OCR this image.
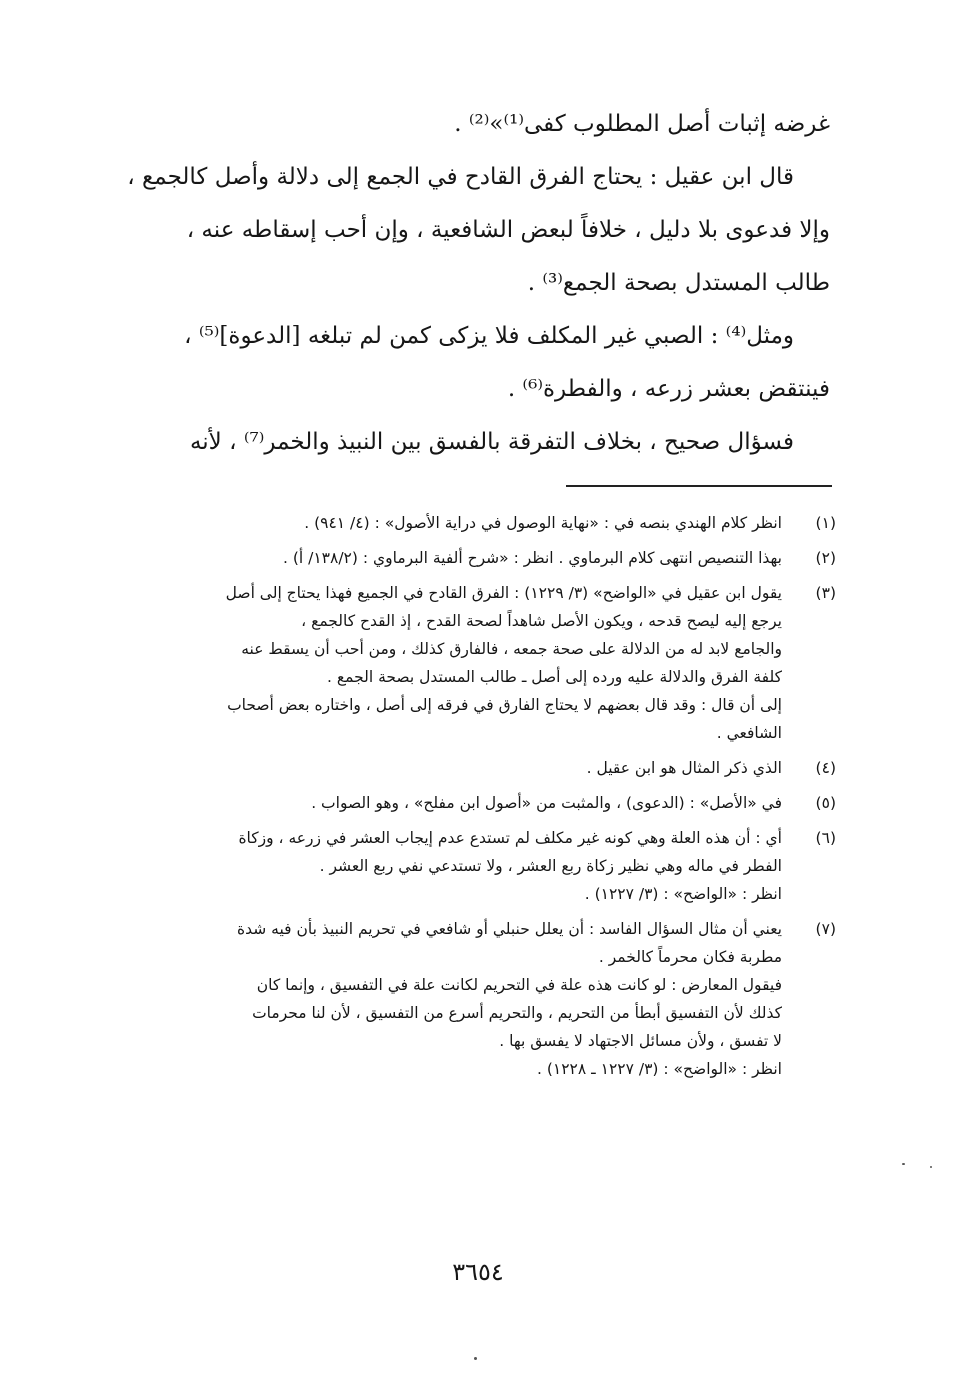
غرضه إثبات أصل المطلوب كفى⁽¹⁾»⁽²⁾ .
قال ابن عقيل : يحتاج الفرق القادح في الجمع إلى دلالة وأصل كالجمع ،
وإلا فدعوى بلا دليل ، خلافاً لبعض الشافعية ، وإن أحب إسقاطه عنه ،
طالب المستدل بصحة الجمع⁽³⁾ .
ومثل⁽⁴⁾ : الصبي غير المكلف فلا يزكى كمن لم تبلغه [الدعوة]⁽⁵⁾ ،
فينتقض بعشر زرعه ، والفطرة⁽⁶⁾ .
فسؤال صحيح ، بخلاف التفرقة بالفسق بين النبيذ والخمر⁽⁷⁾ ، لأنه
(١)
انظر كلام الهندي بنصه في : «نهاية الوصول في دراية الأصول» : (٤/ ٩٤١) .
(٢)
بهذا التنصيص انتهى كلام البرماوي . انظر : «شرح ألفية البرماوي : (١٣٨/٢/ أ) .
(٣)
يقول ابن عقيل في «الواضح» (٣/ ١٢٢٩) : الفرق القادح في الجميع فهذا يحتاج إلى أصل
يرجع إليه ليصح قدحه ، ويكون الأصل شاهداً لصحة القدح ، إذ القدح كالجمع ،
والجامع لابد له من الدلالة على صحة جمعه ، فالفارق كذلك ، ومن أحب أن يسقط عنه
كلفة الفرق والدلالة عليه ورده إلى أصل ـ طالب المستدل بصحة الجمع .
إلى أن قال : وقد قال بعضهم لا يحتاج الفارق في فرقه إلى أصل ، واختاره بعض أصحاب
الشافعي .
(٤)
الذي ذكر المثال هو ابن عقيل .
(٥)
في «الأصل» : (الدعوى) ، والمثبت من «أصول ابن مفلح» ، وهو الصواب .
(٦)
أي : أن هذه العلة وهي كونه غير مكلف لم تستدع عدم إيجاب العشر في زرعه ، وزكاة
الفطر في ماله وهي نظير زكاة ربع العشر ، ولا تستدعي نفي ربع العشر .
انظر : «الواضح» : (٣/ ١٢٢٧) .
(٧)
يعني أن مثال السؤال الفاسد : أن يعلل حنبلي أو شافعي في تحريم النبيذ بأن فيه شدة
مطربة فكان محرماً كالخمر .
فيقول المعارض : لو كانت هذه علة في التحريم لكانت علة في التفسيق ، وإنما كان
كذلك لأن التفسيق أبطأ من التحريم ، والتحريم أسرع من التفسيق ، لأن لنا محرمات
لا تفسق ، ولأن مسائل الاجتهاد لا يفسق بها .
انظر : «الواضح» : (٣/ ١٢٢٧ ـ ١٢٢٨) .
٣٦٥٤
